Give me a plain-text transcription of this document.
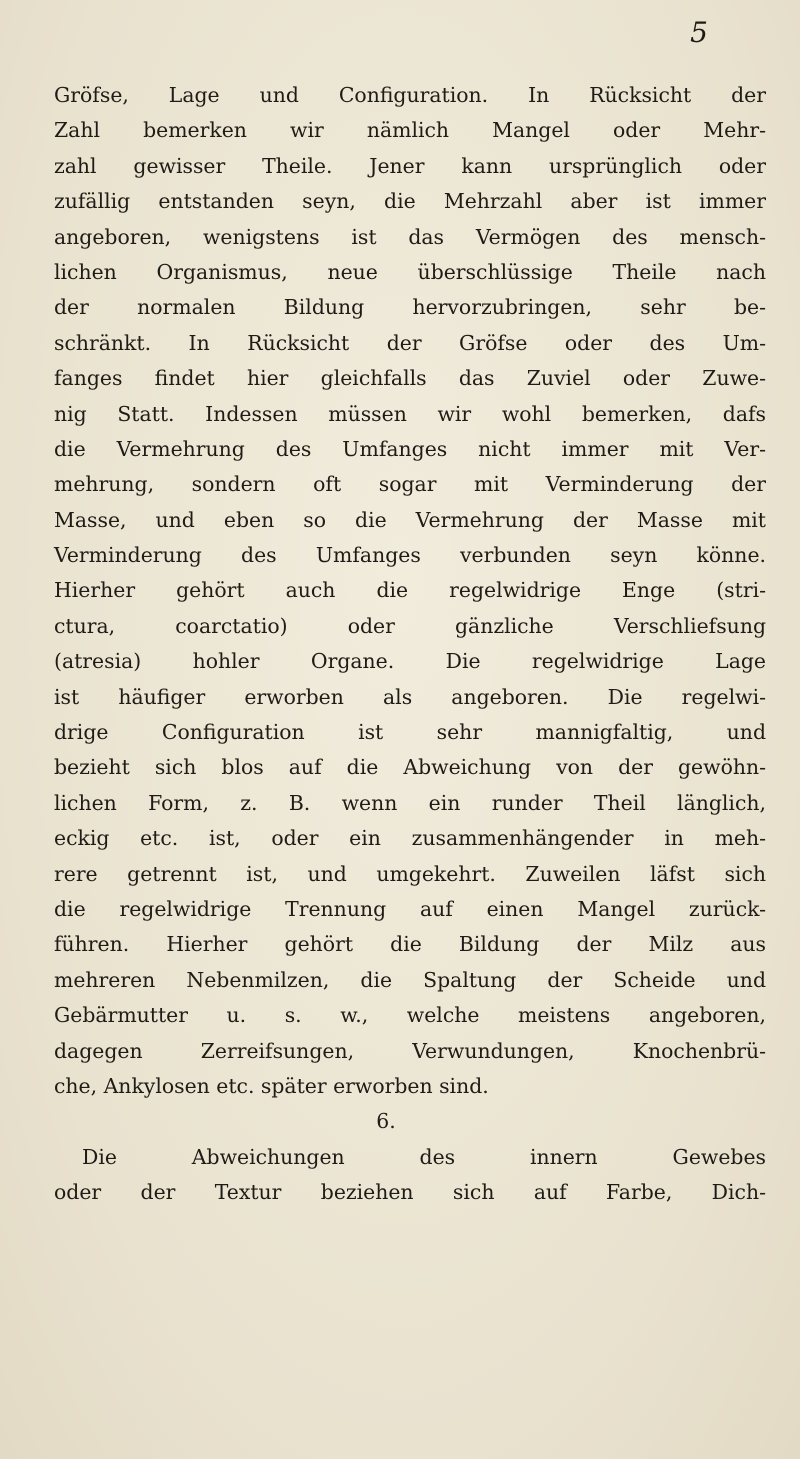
5
Gröfse, Lage und Configuration. In Rücksicht der
Zahl bemerken wir nämlich Mangel oder Mehr-
zahl gewisser Theile. Jener kann ursprünglich oder
zufällig entstanden seyn, die Mehrzahl aber ist immer
angeboren, wenigstens ist das Vermögen des mensch-
lichen Organismus, neue überschlüssige Theile nach
der normalen Bildung hervorzubringen, sehr be-
schränkt. In Rücksicht der Gröfse oder des Um-
fanges findet hier gleichfalls das Zuviel oder Zuwe-
nig Statt. Indessen müssen wir wohl bemerken, dafs
die Vermehrung des Umfanges nicht immer mit Ver-
mehrung, sondern oft sogar mit Verminderung der
Masse, und eben so die Vermehrung der Masse mit
Verminderung des Umfanges verbunden seyn könne.
Hierher gehört auch die regelwidrige Enge (stri-
ctura, coarctatio) oder gänzliche Verschliefsung
(atresia) hohler Organe. Die regelwidrige Lage
ist häufiger erworben als angeboren. Die regelwi-
drige Configuration ist sehr mannigfaltig, und
bezieht sich blos auf die Abweichung von der gewöhn-
lichen Form, z. B. wenn ein runder Theil länglich,
eckig etc. ist, oder ein zusammenhängender in meh-
rere getrennt ist, und umgekehrt. Zuweilen läfst sich
die regelwidrige Trennung auf einen Mangel zurück-
führen. Hierher gehört die Bildung der Milz aus
mehreren Nebenmilzen, die Spaltung der Scheide und
Gebärmutter u. s. w., welche meistens angeboren,
dagegen Zerreifsungen, Verwundungen, Knochenbrü-
che, Ankylosen etc. später erworben sind.
6.
Die Abweichungen des innern Gewebes
oder der Textur beziehen sich auf Farbe, Dich-
